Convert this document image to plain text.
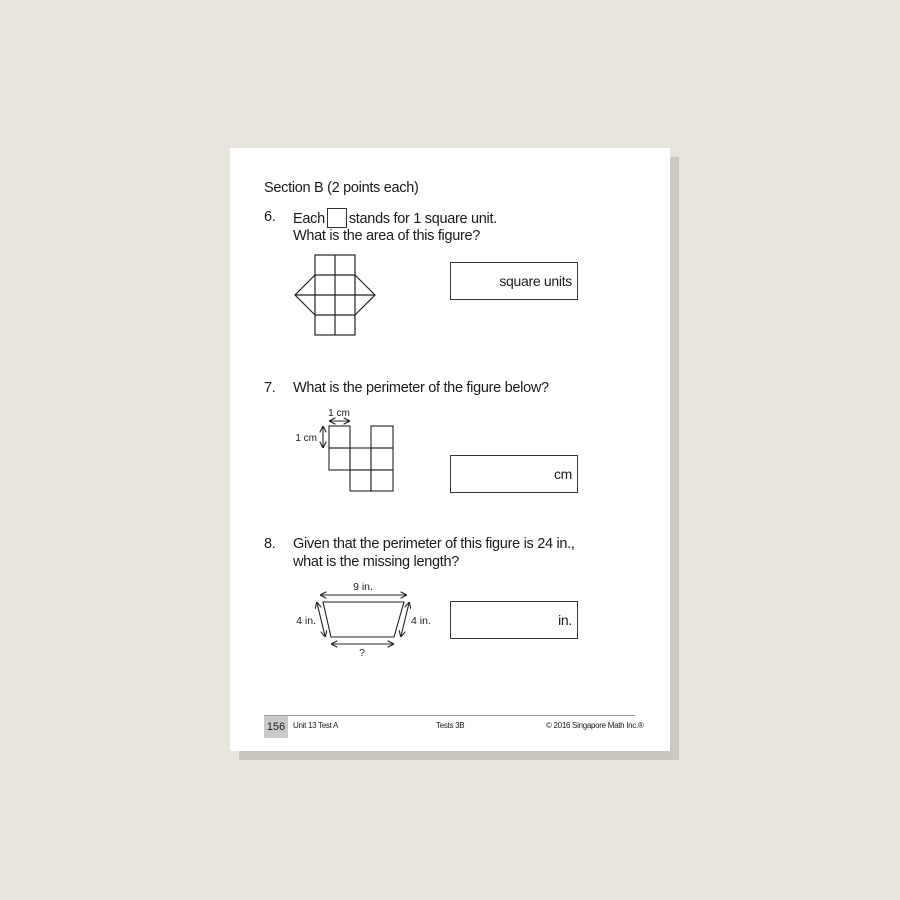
Section B (2 points each)
6. Each stands for 1 square unit.
What is the area of this figure?
square units
7. What is the perimeter of the figure below?
1 cm
1 cm
cm
8. Given that the perimeter of this figure is 24 in.,
what is the missing length?
9 in.
4 in.	4 in.
?
in.
156 Unit 13 Test A	Tests 3B	© 2016 Singapore Math Inc.®
